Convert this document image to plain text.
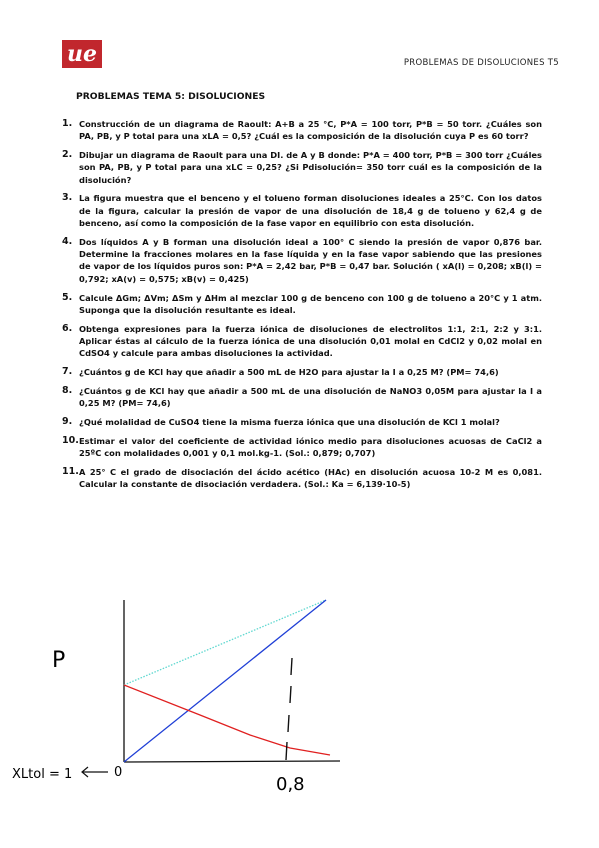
ue	PROBLEMAS DE DISOLUCIONES T5
PROBLEMAS TEMA 5: DISOLUCIONES
1. Construcción de un diagrama de Raoult: A+B a 25 °C, P*A = 100 torr, P*B = 50 torr. ¿Cuáles son PA, PB, y P total para una xLA = 0,5? ¿Cuál es la composición de la disolución cuya P es 60 torr?
2. Dibujar un diagrama de Raoult para una DI. de A y B donde: P*A = 400 torr, P*B = 300 torr ¿Cuáles son PA, PB, y P total para una xLC = 0,25? ¿Si Pdisolución= 350 torr cuál es la composición de la disolución?
3. La figura muestra que el benceno y el tolueno forman disoluciones ideales a 25°C. Con los datos de la figura, calcular la presión de vapor de una disolución de 18,4 g de tolueno y 62,4 g de benceno, así como la composición de la fase vapor en equilibrio con esta disolución.
4. Dos líquidos A y B forman una disolución ideal a 100° C siendo la presión de vapor 0,876 bar. Determine la fracciones molares en la fase líquida y en la fase vapor sabiendo que las presiones de vapor de los líquidos puros son: P*A = 2,42 bar, P*B = 0,47 bar. Solución ( xA(l) = 0,208; xB(l) = 0,792; xA(v) = 0,575; xB(v) = 0,425)
5. Calcule ΔGm; ΔVm; ΔSm y ΔHm al mezclar 100 g de benceno con 100 g de tolueno a 20°C y 1 atm. Suponga que la disolución resultante es ideal.
6. Obtenga expresiones para la fuerza iónica de disoluciones de electrolitos 1:1, 2:1, 2:2 y 3:1. Aplicar éstas al cálculo de la fuerza iónica de una disolución 0,01 molal en CdCl2 y 0,02 molal en CdSO4 y calcule para ambas disoluciones la actividad.
7. ¿Cuántos g de KCl hay que añadir a 500 mL de H2O para ajustar la I a 0,25 M? (PM= 74,6)
8. ¿Cuántos g de KCl hay que añadir a 500 mL de una disolución de NaNO3 0,05M para ajustar la I a 0,25 M? (PM= 74,6)
9. ¿Qué molalidad de CuSO4 tiene la misma fuerza iónica que una disolución de KCl 1 molal?
10. Estimar el valor del coeficiente de actividad iónico medio para disoluciones acuosas de CaCl2 a 25ºC con molalidades 0,001 y 0,1 mol.kg-1. (Sol.: 0,879; 0,707)
11. A 25° C el grado de disociación del ácido acético (HAc) en disolución acuosa 10-2 M es 0,081. Calcular la constante de disociación verdadera. (Sol.: Ka = 6,139·10-5)
P
XLtol = 1	0
0,8
